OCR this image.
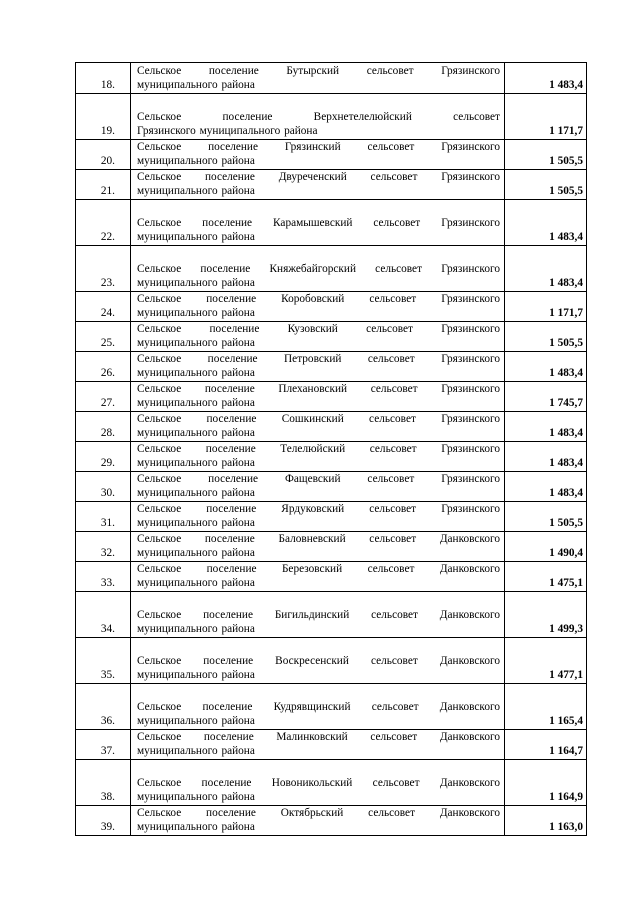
18.	Сельское поселение Бутырский сельсовет Грязинского
муниципального района	1 483,4
19.	Сельское поселение Верхнетелелюйский сельсовет
Грязинского муниципального района	1 171,7
20.	Сельское поселение Грязинский сельсовет Грязинского
муниципального района	1 505,5
21.	Сельское поселение Двуреченский сельсовет Грязинского
муниципального района	1 505,5
22.	Сельское поселение Карамышевский сельсовет Грязинского
муниципального района	1 483,4
23.	Сельское поселение Княжебайгорский сельсовет Грязинского
муниципального района	1 483,4
24.	Сельское поселение Коробовский сельсовет Грязинского
муниципального района	1 171,7
25.	Сельское поселение Кузовский сельсовет Грязинского
муниципального района	1 505,5
26.	Сельское поселение Петровский сельсовет Грязинского
муниципального района	1 483,4
27.	Сельское поселение Плехановский сельсовет Грязинского
муниципального района	1 745,7
28.	Сельское поселение Сошкинский сельсовет Грязинского
муниципального района	1 483,4
29.	Сельское поселение Телелюйский сельсовет Грязинского
муниципального района	1 483,4
30.	Сельское поселение Фащевский сельсовет Грязинского
муниципального района	1 483,4
31.	Сельское поселение Ярдуковский сельсовет Грязинского
муниципального района	1 505,5
32.	Сельское поселение Баловневский сельсовет Данковского
муниципального района	1 490,4
33.	Сельское поселение Березовский сельсовет Данковского
муниципального района	1 475,1
34.	Сельское поселение Бигильдинский сельсовет Данковского
муниципального района	1 499,3
35.	Сельское поселение Воскресенский сельсовет Данковского
муниципального района	1 477,1
36.	Сельское поселение Кудрявщинский сельсовет Данковского
муниципального района	1 165,4
37.	Сельское поселение Малинковский сельсовет Данковского
муниципального района	1 164,7
38.	Сельское поселение Новоникольский сельсовет Данковского
муниципального района	1 164,9
39.	Сельское поселение Октябрьский сельсовет Данковского
муниципального района	1 163,0
